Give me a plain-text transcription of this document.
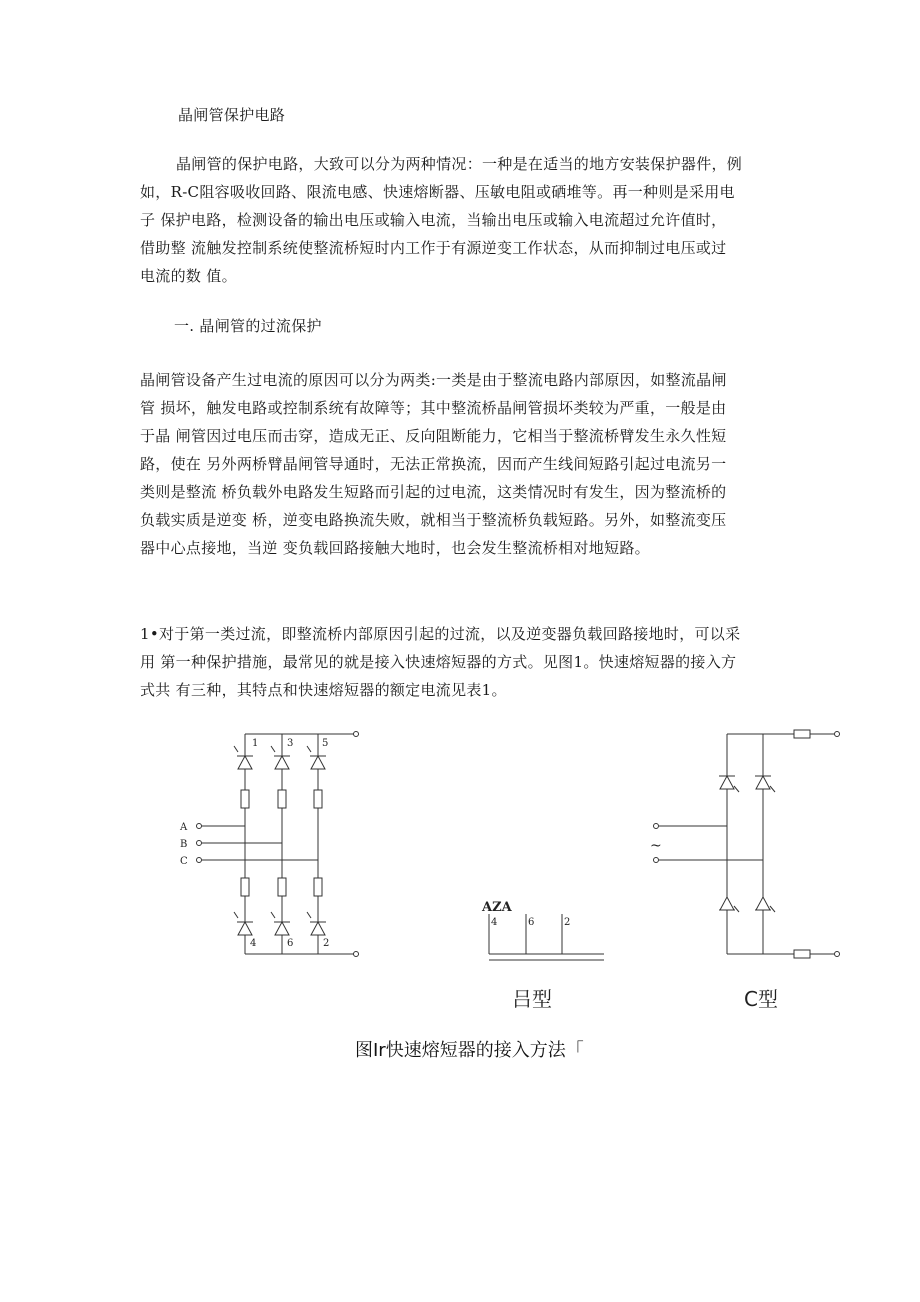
晶闸管保护电路
晶闸管的保护电路，大致可以分为两种情况：一种是在适当的地方安装保护器件，例
如，R-C阻容吸收回路、限流电感、快速熔断器、压敏电阻或硒堆等。再一种则是采用电
子 保护电路，检测设备的输出电压或输入电流，当输出电压或输入电流超过允许值时，
借助整 流触发控制系统使整流桥短时内工作于有源逆变工作状态，从而抑制过电压或过
电流的数 值。
一. 晶闸管的过流保护
晶闸管设备产生过电流的原因可以分为两类:一类是由于整流电路内部原因，如整流晶闸
管 损坏，触发电路或控制系统有故障等；其中整流桥晶闸管损坏类较为严重，一般是由
于晶 闸管因过电压而击穿，造成无正、反向阻断能力，它相当于整流桥臂发生永久性短
路，使在 另外两桥臂晶闸管导通时，无法正常换流，因而产生线间短路引起过电流另一
类则是整流 桥负载外电路发生短路而引起的过电流，这类情况时有发生，因为整流桥的
负载实质是逆变 桥，逆变电路换流失败，就相当于整流桥负载短路。另外，如整流变压
器中心点接地，当逆 变负载回路接触大地时，也会发生整流桥相对地短路。
1•对于第一类过流，即整流桥内部原因引起的过流，以及逆变器负载回路接地时，可以采
用 第一种保护措施，最常见的就是接入快速熔短器的方式。见图1。快速熔短器的接入方
式共 有三种，其特点和快速熔短器的额定电流见表1。
A
B
C
1	3	5
4	6	2
AZA
4	6	2
~
吕型	C型
图Ir快速熔短器的接入方法「
